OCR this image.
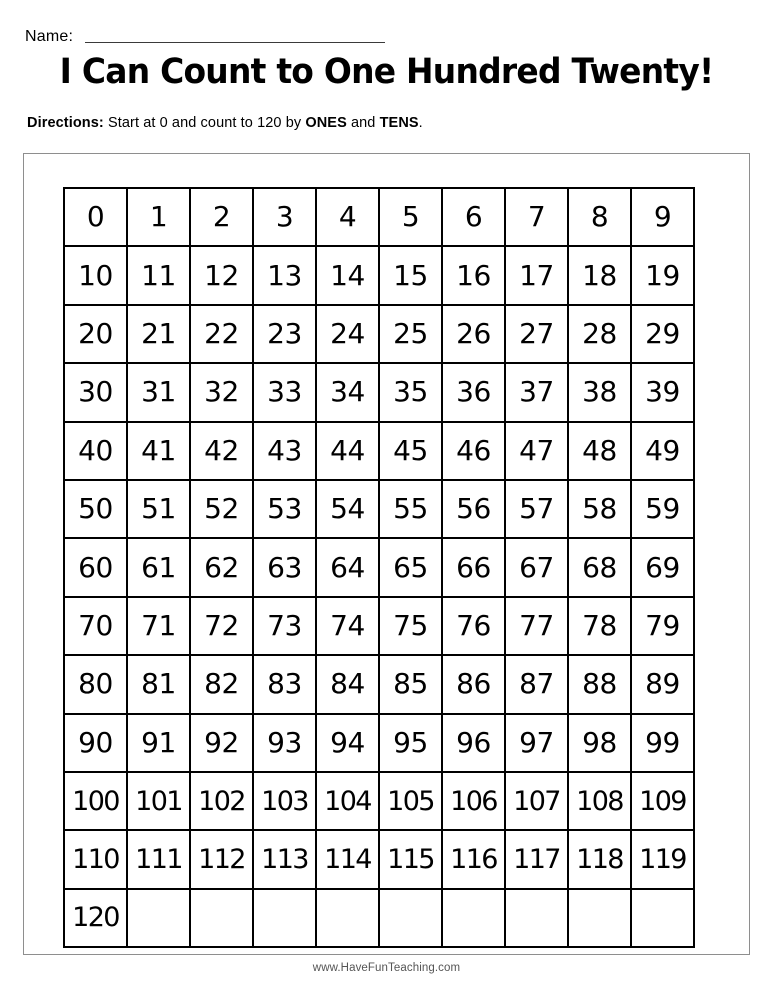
Name:
I Can Count to One Hundred Twenty!
Directions: Start at 0 and count to 120 by ONES and TENS.
0	1	2	3	4	5	6	7	8	9
10	11	12	13	14	15	16	17	18	19
20	21	22	23	24	25	26	27	28	29
30	31	32	33	34	35	36	37	38	39
40	41	42	43	44	45	46	47	48	49
50	51	52	53	54	55	56	57	58	59
60	61	62	63	64	65	66	67	68	69
70	71	72	73	74	75	76	77	78	79
80	81	82	83	84	85	86	87	88	89
90	91	92	93	94	95	96	97	98	99
100	101	102	103	104	105	106	107	108	109
110	111	112	113	114	115	116	117	118	119
120									
www.HaveFunTeaching.com
